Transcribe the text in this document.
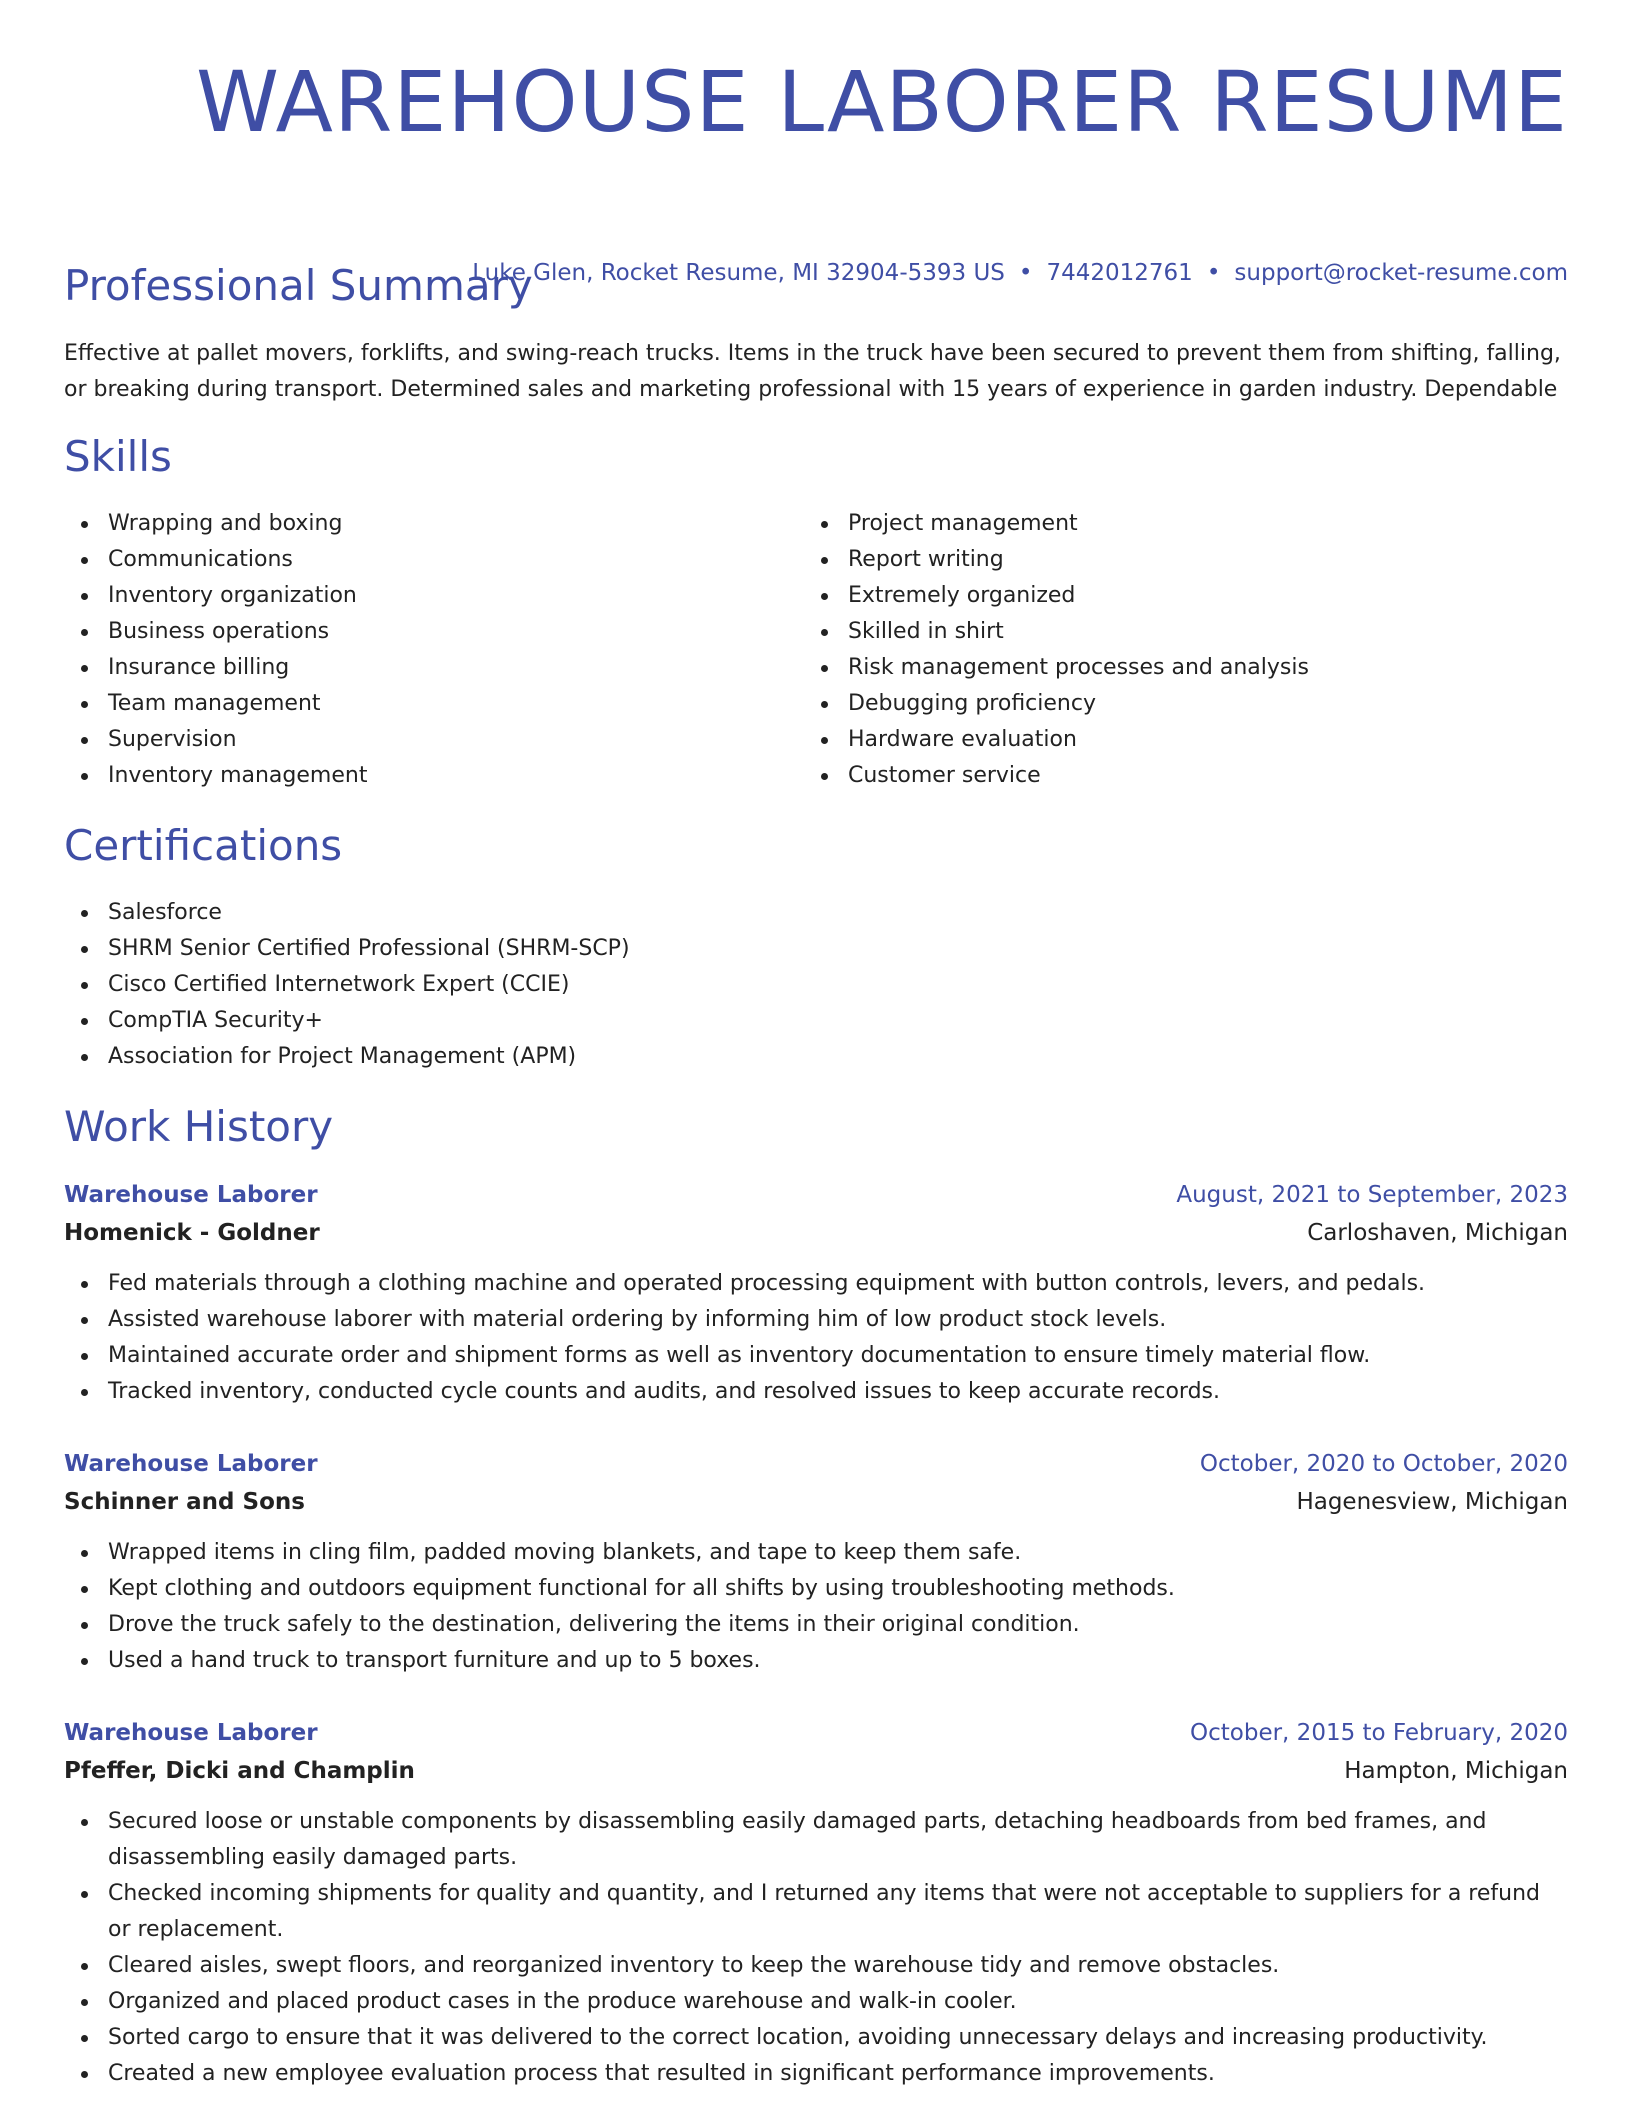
WAREHOUSE LABORER RESUME
Luke Glen, Rocket Resume, MI 32904-5393 US • 7442012761 • support@rocket-resume.com
Professional Summary

Effective at pallet movers, forklifts, and swing-reach trucks. Items in the truck have been secured to prevent them from shifting, falling, or breaking during transport. Determined sales and marketing professional with 15 years of experience in garden industry. Dependable

Skills
Wrapping and boxing
Communications
Inventory organization
Business operations
Insurance billing
Team management
Supervision
Inventory management
Project management
Report writing
Extremely organized
Skilled in shirt
Risk management processes and analysis
Debugging proficiency
Hardware evaluation
Customer service
Certifications
Salesforce
SHRM Senior Certified Professional (SHRM-SCP)
Cisco Certified Internetwork Expert (CCIE)
CompTIA Security+
Association for Project Management (APM)
Work History
Warehouse Laborer	August, 2021 to September, 2023
Homenick - Goldner	Carloshaven, Michigan
Fed materials through a clothing machine and operated processing equipment with button controls, levers, and pedals.
Assisted warehouse laborer with material ordering by informing him of low product stock levels.
Maintained accurate order and shipment forms as well as inventory documentation to ensure timely material flow.
Tracked inventory, conducted cycle counts and audits, and resolved issues to keep accurate records.
Warehouse Laborer	October, 2020 to October, 2020
Schinner and Sons	Hagenesview, Michigan
Wrapped items in cling film, padded moving blankets, and tape to keep them safe.
Kept clothing and outdoors equipment functional for all shifts by using troubleshooting methods.
Drove the truck safely to the destination, delivering the items in their original condition.
Used a hand truck to transport furniture and up to 5 boxes.
Warehouse Laborer	October, 2015 to February, 2020
Pfeffer, Dicki and Champlin	Hampton, Michigan
Secured loose or unstable components by disassembling easily damaged parts, detaching headboards from bed frames, and disassembling easily damaged parts.
Checked incoming shipments for quality and quantity, and I returned any items that were not acceptable to suppliers for a refund or replacement.
Cleared aisles, swept floors, and reorganized inventory to keep the warehouse tidy and remove obstacles.
Organized and placed product cases in the produce warehouse and walk-in cooler.
Sorted cargo to ensure that it was delivered to the correct location, avoiding unnecessary delays and increasing productivity.
Created a new employee evaluation process that resulted in significant performance improvements.
